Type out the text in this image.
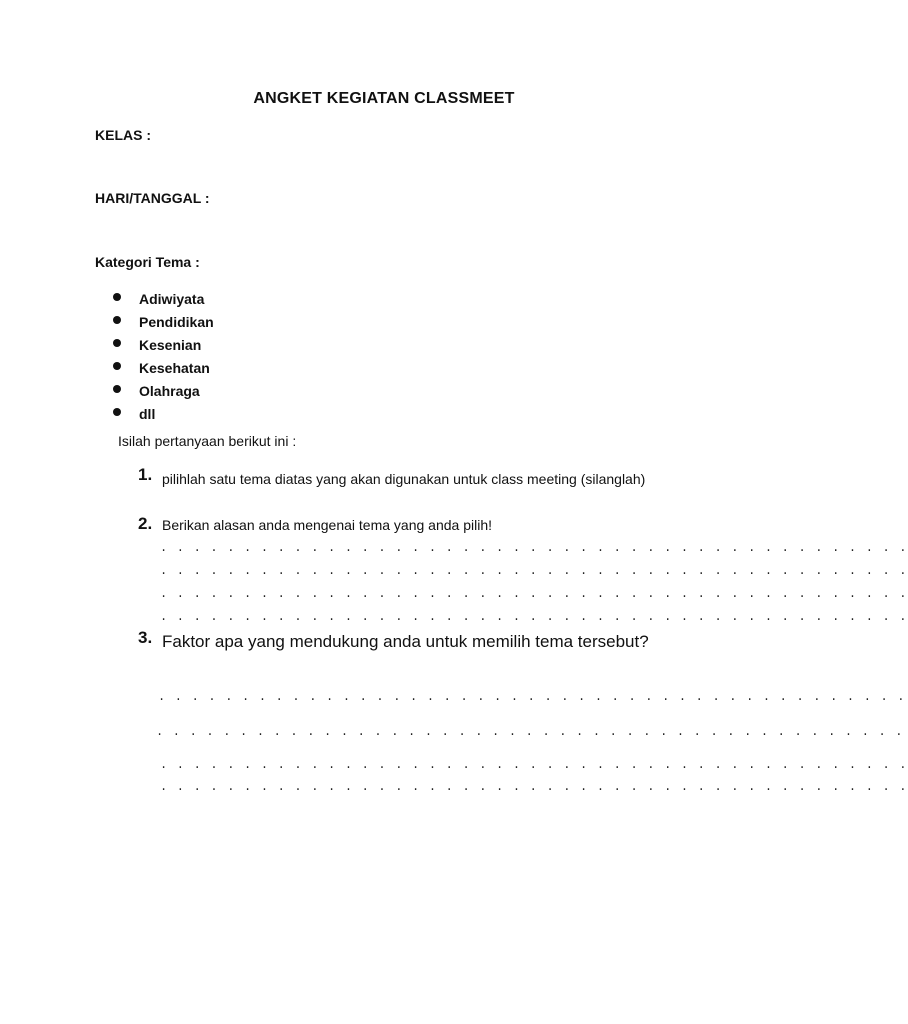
ANGKET KEGIATAN CLASSMEET
KELAS :
HARI/TANGGAL :
Kategori Tema :
Adiwiyata
Pendidikan
Kesenian
Kesehatan
Olahraga
dll
Isilah pertanyaan berikut ini :
1. pilihlah satu tema diatas yang akan digunakan untuk class meeting (silanglah)
2. Berikan alasan anda mengenai tema yang anda pilih!
. . . . . . . . . . . . . . . . . . . . . . . . . . . . . . . . . . . . . . . . . . . . .
. . . . . . . . . . . . . . . . . . . . . . . . . . . . . . . . . . . . . . . . . . . . .
. . . . . . . . . . . . . . . . . . . . . . . . . . . . . . . . . . . . . . . . . . . . .
. . . . . . . . . . . . . . . . . . . . . . . . . . . . . . . . . . . . . . . . . . . . .
3. Faktor apa yang mendukung anda untuk memilih tema tersebut?
. . . . . . . . . . . . . . . . . . . . . . . . . . . . . . . . . . . . . . . . . . . . .
. . . . . . . . . . . . . . . . . . . . . . . . . . . . . . . . . . . . . . . . . . . . .
. . . . . . . . . . . . . . . . . . . . . . . . . . . . . . . . . . . . . . . . . . . . .
. . . . . . . . . . . . . . . . . . . . . . . . . . . . . . . . . . . . . . . . . . . . .
